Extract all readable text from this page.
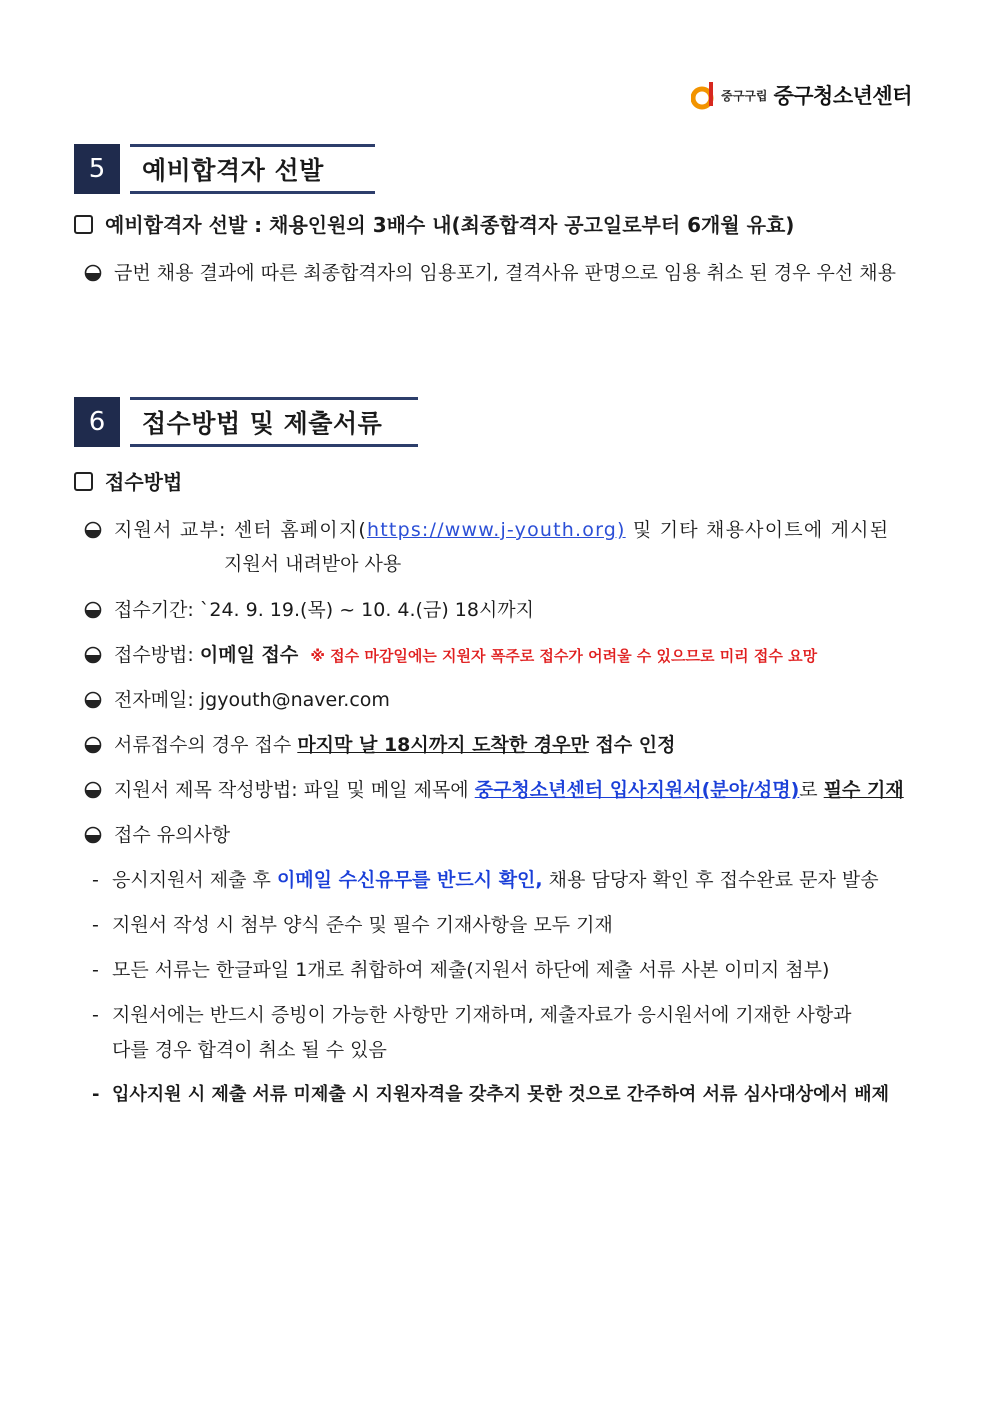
중구구립 중구청소년센터
5	예비합격자 선발
예비합격자 선발 : 채용인원의 3배수 내(최종합격자 공고일로부터 6개월 유효)
금번 채용 결과에 따른 최종합격자의 임용포기, 결격사유 판명으로 임용 취소 된 경우 우선 채용
6	접수방법 및 제출서류
접수방법
지원서 교부: 센터 홈페이지(https://www.j-youth.org) 및 기타 채용사이트에 게시된
지원서 내려받아 사용
접수기간: `24. 9. 19.(목) ~ 10. 4.(금) 18시까지
접수방법: 이메일 접수 ※ 접수 마감일에는 지원자 폭주로 접수가 어려울 수 있으므로 미리 접수 요망
전자메일: jgyouth@naver.com
서류접수의 경우 접수 마지막 날 18시까지 도착한 경우만 접수 인정
지원서 제목 작성방법: 파일 및 메일 제목에 중구청소년센터 입사지원서(분야/성명)로 필수 기재
접수 유의사항
- 응시지원서 제출 후 이메일 수신유무를 반드시 확인, 채용 담당자 확인 후 접수완료 문자 발송
- 지원서 작성 시 첨부 양식 준수 및 필수 기재사항을 모두 기재
- 모든 서류는 한글파일 1개로 취합하여 제출(지원서 하단에 제출 서류 사본 이미지 첨부)
- 지원서에는 반드시 증빙이 가능한 사항만 기재하며, 제출자료가 응시원서에 기재한 사항과
다를 경우 합격이 취소 될 수 있음
- 입사지원 시 제출 서류 미제출 시 지원자격을 갖추지 못한 것으로 간주하여 서류 심사대상에서 배제
